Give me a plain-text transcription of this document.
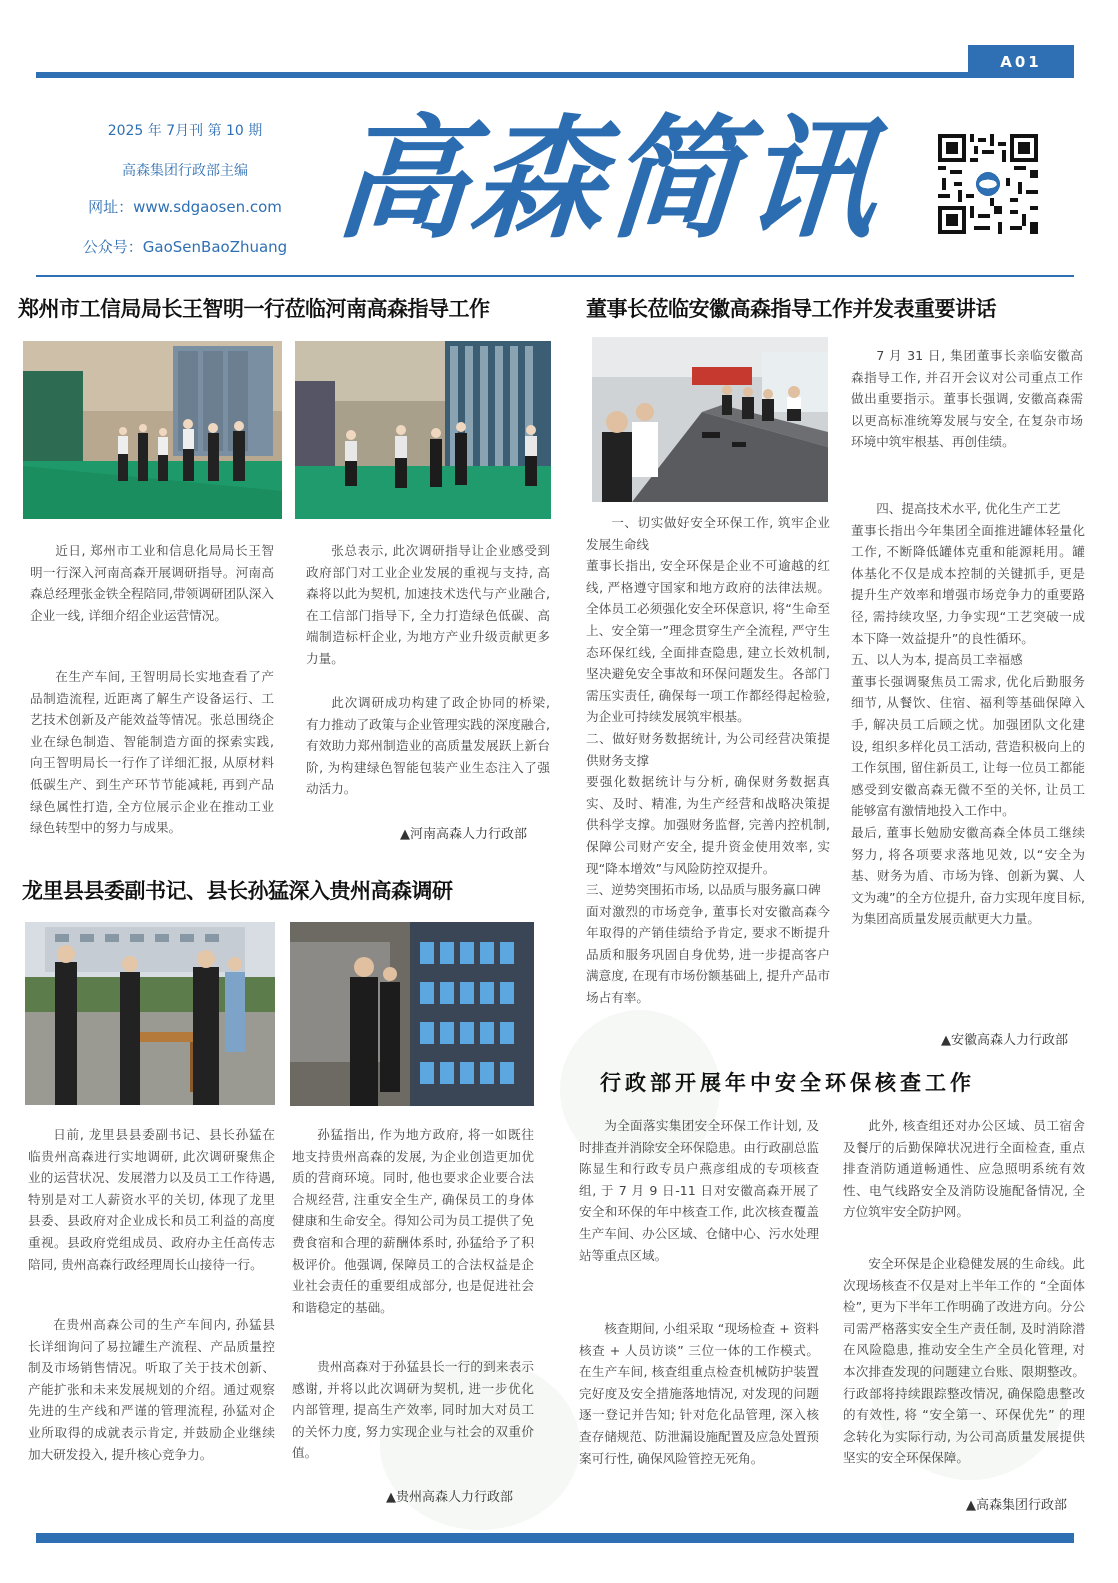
A01
2025 年 7月刊 第 10 期
高森集团行政部主编
网址：www.sdgaosen.com
公众号：GaoSenBaoZhuang 高森简讯
郑州市工信局局长王智明一行莅临河南高森指导工作
近日, 郑州市工业和信息化局局长王智明一行深入河南高森开展调研指导。河南高森总经理张金铁全程陪同,带领调研团队深入企业一线, 详细介绍企业运营情况。
在生产车间, 王智明局长实地查看了产品制造流程, 近距离了解生产设备运行、工艺技术创新及产能效益等情况。张总围绕企业在绿色制造、智能制造方面的探索实践, 向王智明局长一行作了详细汇报, 从原材料低碳生产、到生产环节节能减耗, 再到产品绿色属性打造, 全方位展示企业在推动工业绿色转型中的努力与成果。
张总表示, 此次调研指导让企业感受到政府部门对工业企业发展的重视与支持, 高森将以此为契机, 加速技术迭代与产业融合, 在工信部门指导下, 全力打造绿色低碳、高端制造标杆企业, 为地方产业升级贡献更多力量。
此次调研成功构建了政企协同的桥梁, 有力推动了政策与企业管理实践的深度融合, 有效助力郑州制造业的高质量发展跃上新台阶, 为构建绿色智能包装产业生态注入了强动活力。
▲河南高森人力行政部
龙里县县委副书记、县长孙猛深入贵州高森调研
日前, 龙里县县委副书记、县长孙猛在临贵州高森进行实地调研, 此次调研聚焦企业的运营状况、发展潜力以及员工工作待遇, 特别是对工人薪资水平的关切, 体现了龙里县委、县政府对企业成长和员工利益的高度重视。县政府党组成员、政府办主任高传志陪同, 贵州高森行政经理周长山接待一行。
在贵州高森公司的生产车间内, 孙猛县长详细询问了易拉罐生产流程、产品质量控制及市场销售情况。听取了关于技术创新、产能扩张和未来发展规划的介绍。通过观察先进的生产线和严谨的管理流程, 孙猛对企业所取得的成就表示肯定, 并鼓励企业继续加大研发投入, 提升核心竞争力。
孙猛指出, 作为地方政府, 将一如既往地支持贵州高森的发展, 为企业创造更加优质的营商环境。同时, 他也要求企业要合法合规经营, 注重安全生产, 确保员工的身体健康和生命安全。得知公司为员工提供了免费食宿和合理的薪酬体系时, 孙猛给予了积极评价。他强调, 保障员工的合法权益是企业社会责任的重要组成部分, 也是促进社会和谐稳定的基础。
贵州高森对于孙猛县长一行的到来表示感谢, 并将以此次调研为契机, 进一步优化内部管理, 提高生产效率, 同时加大对员工的关怀力度, 努力实现企业与社会的双重价值。
▲贵州高森人力行政部
董事长莅临安徽高森指导工作并发表重要讲话
7 月 31 日, 集团董事长亲临安徽高森指导工作, 并召开会议对公司重点工作做出重要指示。董事长强调, 安徽高森需以更高标准统筹发展与安全, 在复杂市场环境中筑牢根基、再创佳绩。
一、切实做好安全环保工作, 筑牢企业发展生命线
董事长指出, 安全环保是企业不可逾越的红线, 严格遵守国家和地方政府的法律法规。全体员工必须强化安全环保意识, 将“生命至上、安全第一”理念贯穿生产全流程, 严守生态环保红线, 全面排查隐患, 建立长效机制, 坚决避免安全事故和环保问题发生。各部门需压实责任, 确保每一项工作都经得起检验, 为企业可持续发展筑牢根基。
二、做好财务数据统计, 为公司经营决策提供财务支撑
要强化数据统计与分析, 确保财务数据真实、及时、精准, 为生产经营和战略决策提供科学支撑。加强财务监督, 完善内控机制, 保障公司财产安全, 提升资金使用效率, 实现“降本增效”与风险防控双提升。
三、逆势突围拓市场, 以品质与服务赢口碑
面对激烈的市场竞争, 董事长对安徽高森今年取得的产销佳绩给予肯定, 要求不断提升品质和服务巩固自身优势, 进一步提高客户满意度, 在现有市场份额基础上, 提升产品市场占有率。
四、提高技术水平, 优化生产工艺
董事长指出今年集团全面推进罐体轻量化工作, 不断降低罐体克重和能源耗用。罐体基化不仅是成本控制的关键抓手, 更是提升生产效率和增强市场竞争力的重要路径, 需持续攻坚, 力争实现“工艺突破一成本下降一效益提升”的良性循环。
五、以人为本, 提高员工幸福感
董事长强调聚焦员工需求, 优化后勤服务细节, 从餐饮、住宿、福利等基础保障入手, 解决员工后顾之忧。加强团队文化建设, 组织多样化员工活动, 营造积极向上的工作氛围, 留住新员工, 让每一位员工都能感受到安徽高森无微不至的关怀, 让员工能够富有激情地投入工作中。
最后, 董事长勉励安徽高森全体员工继续努力, 将各项要求落地见效, 以“安全为基、财务为盾、市场为锋、创新为翼、人文为魂”的全方位提升, 奋力实现年度目标, 为集团高质量发展贡献更大力量。
▲安徽高森人力行政部
行政部开展年中安全环保核查工作
为全面落实集团安全环保工作计划, 及时排查并消除安全环保隐患。由行政副总监陈显生和行政专员户燕彦组成的专项核查组, 于 7 月 9 日-11 日对安徽高森开展了安全和环保的年中核查工作, 此次核查覆盖生产车间、办公区域、仓储中心、污水处理站等重点区域。
核查期间, 小组采取 “现场检查 + 资料核查 + 人员访谈” 三位一体的工作模式。在生产车间, 核查组重点检查机械防护装置完好度及安全措施落地情况, 对发现的问题逐一登记并告知; 针对危化品管理, 深入核查存储规范、防泄漏设施配置及应急处置预案可行性, 确保风险管控无死角。
此外, 核查组还对办公区域、员工宿舍及餐厅的后勤保障状况进行全面检查, 重点排查消防通道畅通性、应急照明系统有效性、电气线路安全及消防设施配备情况, 全方位筑牢安全防护网。
安全环保是企业稳健发展的生命线。此次现场核查不仅是对上半年工作的 “全面体检”, 更为下半年工作明确了改进方向。分公司需严格落实安全生产责任制, 及时消除潜在风险隐患, 推动安全生产全员化管理, 对本次排查发现的问题建立台账、限期整改。行政部将持续跟踪整改情况, 确保隐患整改的有效性, 将 “安全第一、环保优先” 的理念转化为实际行动, 为公司高质量发展提供坚实的安全环保保障。
▲高森集团行政部
